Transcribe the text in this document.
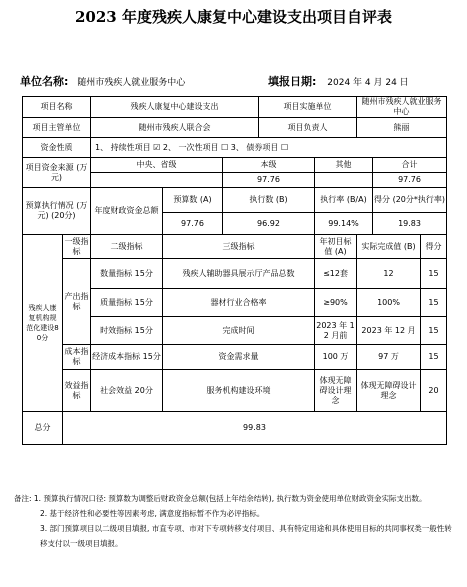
2023 年度残疾人康复中心建设支出项目自评表
单位名称: 随州市残疾人就业服务中心	填报日期: 2024 年 4 月 24 日
项目名称		残疾人康复中心建设支出			项目实施单位		随州市残疾人就业服务中心		
项目主管单位		随州市残疾人联合会			项目负责人		熊丽		
资金性质		1、 持续性项目 ☑ 2、 一次性项目 ☐ 3、 债券项目 ☐							
项目资金来源 (万元)		中央、省级		本级		其他		合计	
				97.76				97.76	
预算执行情况 (万元) (20分)		年度财政资金总额	预算数 (A)	执行数 (B)		执行率 (B/A)		得分 (20分*执行率)	
			97.76	96.92		99.14%		19.83	
残疾人康复机构规范化建设80分	一级指标	二级指标	三级指标			年初目标值 (A)	实际完成值 (B)		得分
	产出指标	数量指标 15分	残疾人辅助器具展示厅产品总数			≤12套	12		15
		质量指标 15分	器材行业合格率			≥90%	100%		15
		时效指标 15分	完成时间			2023 年 12 月前	2023 年 12 月		15
	成本指标	经济成本指标 15分	资金需求量			100 万	97 万		15
	效益指标	社会效益 20分	服务机构建设环境			体现无障碍设计理念	体现无障碍设计理念		20
总分	99.83								

备注: 1. 预算执行情况口径: 预算数为调整后财政资金总额(包括上年结余结转), 执行数为资金使用单位财政资金实际支出数。

2. 基于经济性和必要性等因素考虑, 满意度指标暂不作为必评指标。

3. 部门预算项目以二级项目填报, 市直专项、市对下专项转移支付项目、具有特定用途和具体使用目标的共同事权类一般性转移支付以一级项目填报。
